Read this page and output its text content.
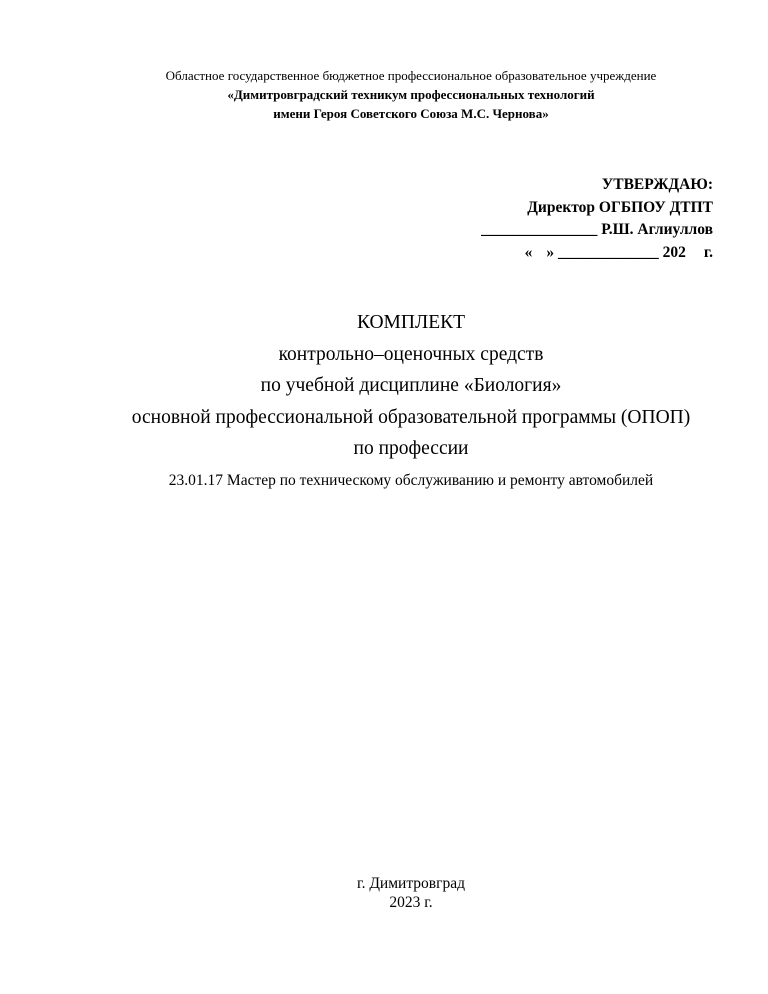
Областное государственное бюджетное профессиональное образовательное учреждение
«Димитровградский техникум профессиональных технологий
имени Героя Советского Союза М.С. Чернова»
УТВЕРЖДАЮ:
Директор ОГБПОУ ДТПТ
_______________ Р.Ш. Аглиуллов
« » _____________ 202 г.
КОМПЛЕКТ
контрольно–оценочных средств
по учебной дисциплине «Биология»
основной профессиональной образовательной программы (ОПОП)
по профессии
23.01.17 Мастер по техническому обслуживанию и ремонту автомобилей
г. Димитровград
2023 г.
